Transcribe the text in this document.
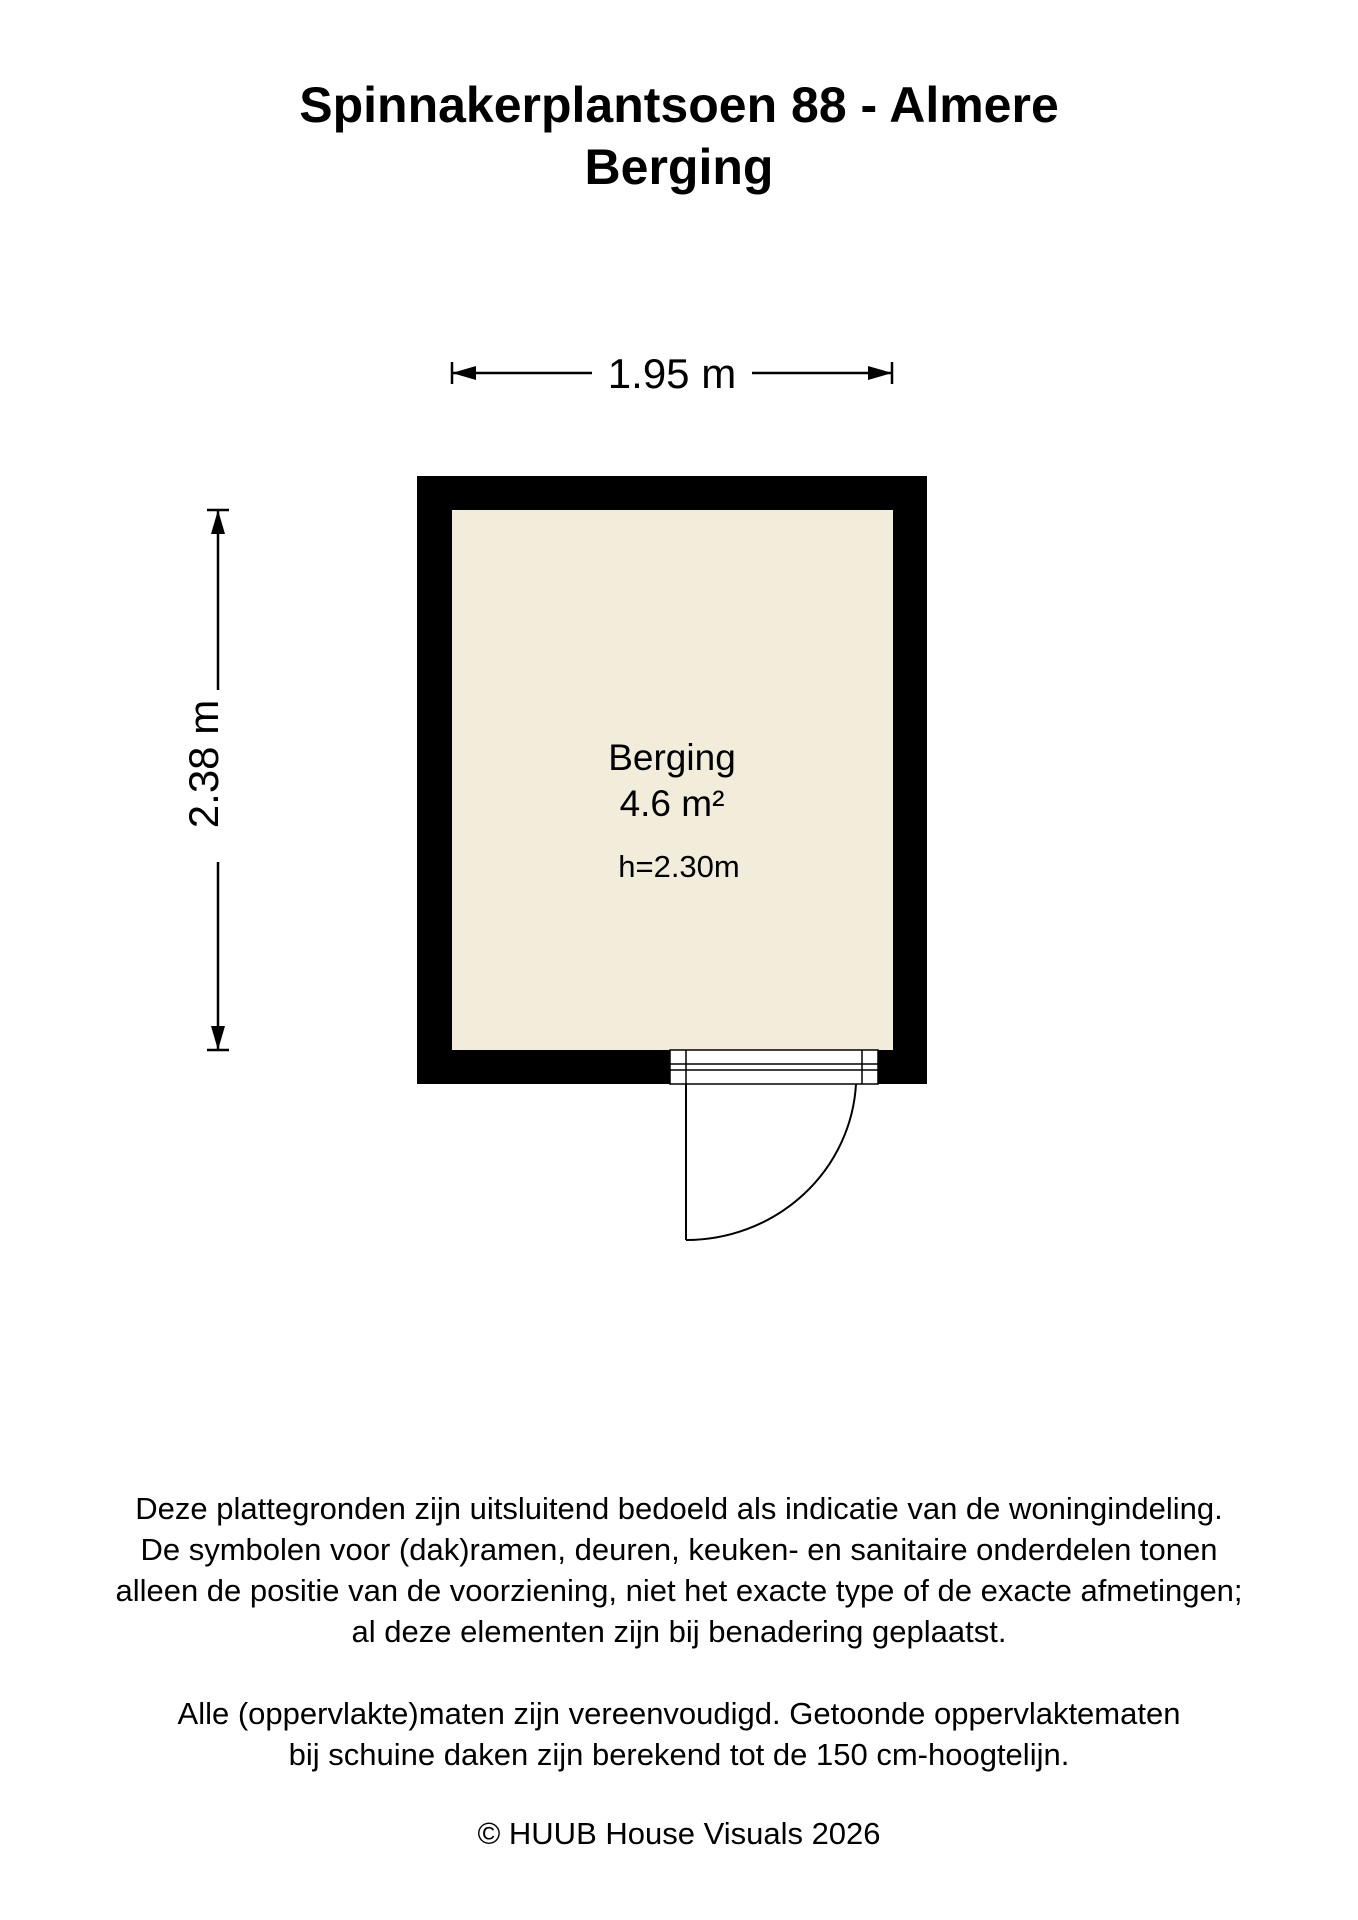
Spinnakerplantsoen 88 - Almere
Berging
1.95 m
2.38 m	Berging
4.6 m²
h=2.30m
Deze plattegronden zijn uitsluitend bedoeld als indicatie van de woningindeling.
De symbolen voor (dak)ramen, deuren, keuken- en sanitaire onderdelen tonen
alleen de positie van de voorziening, niet het exacte type of de exacte afmetingen;
al deze elementen zijn bij benadering geplaatst.
Alle (oppervlakte)maten zijn vereenvoudigd. Getoonde oppervlaktematen
bij schuine daken zijn berekend tot de 150 cm-hoogtelijn.
© HUUB House Visuals 2026
